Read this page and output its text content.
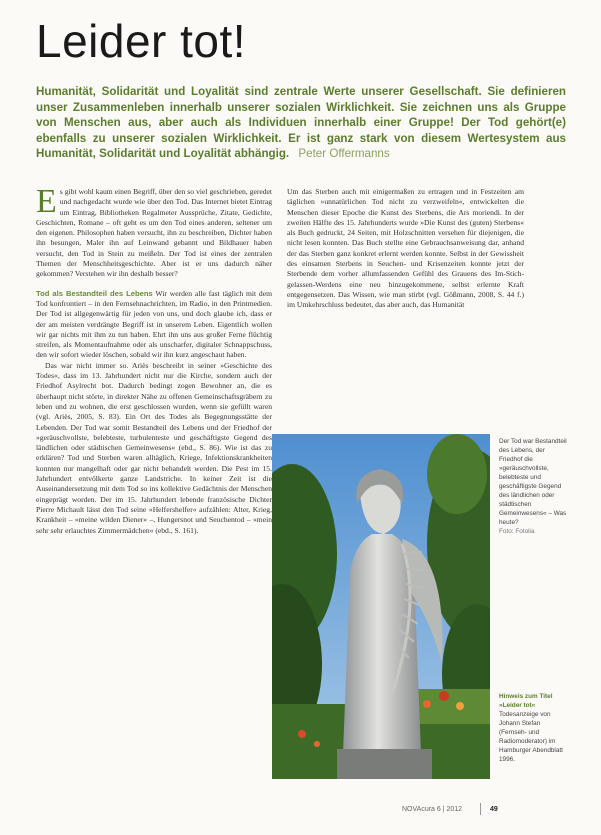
Leider tot!
Humanität, Solidarität und Loyalität sind zentrale Werte unserer Gesellschaft. Sie definieren unser Zusammenleben innerhalb unserer sozialen Wirklichkeit. Sie zeichnen uns als Gruppe von Menschen aus, aber auch als Individuen innerhalb einer Gruppe! Der Tod gehört(e) ebenfalls zu unserer sozialen Wirklichkeit. Er ist ganz stark von diesem Wertesystem aus Humanität, Solidarität und Loyalität abhängig. Peter Offermanns

E s gibt wohl kaum einen Begriff, über den so viel geschrieben, geredet und nachgedacht wurde wie über den Tod. Das Internet bietet Eintrag um Eintrag, Bibliotheken Regalmeter Aussprüche, Zitate, Gedichte, Geschichten, Romane – oft geht es um den Tod eines anderen, seltener um den eigenen. Philosophen haben versucht, ihn zu beschreiben, Dichter haben ihn besungen, Maler ihn auf Leinwand gebannt und Bildhauer haben versucht, den Tod in Stein zu meißeln. Der Tod ist eines der zentralen Themen der Menschheitsgeschichte. Aber ist er uns dadurch näher gekommen? Verstehen wir ihn deshalb besser?

Tod als Bestandteil des Lebens Wir werden alle fast täglich mit dem Tod konfrontiert – in den Fernsehnachrichten, im Radio, in den Printmedien. Der Tod ist allgegenwärtig für jeden von uns, und doch glaube ich, dass er der am meisten verdrängte Begriff ist in unserem Leben. Eigentlich wollen wir gar nichts mit ihm zu tun haben. Ehrt ihn uns aus großer Ferne flüchtig streifen, als Momentaufnahme oder als unscharfer, digitaler Schnappschuss, den wir sofort wieder löschen, sobald wir ihn kurz angeschaut haben.

Das war nicht immer so. Ariès beschreibt in seiner »Geschichte des Todes«, dass im 13. Jahrhundert nicht nur die Kirche, sondern auch der Friedhof Asylrecht bot. Dadurch bedingt zogen Bewohner an, die es überhaupt nicht störte, in direkter Nähe zu offenen Gemeinschaftsgräbern zu leben und zu wohnen, die erst geschlossen wurden, wenn sie gefüllt waren (vgl. Ariès, 2005, S. 83). Ein Ort des Todes als Begegnungsstätte der Lebenden. Der Tod war somit Bestandteil des Lebens und der Friedhof der »geräuschvollste, belebteste, turbulenteste und geschäftigste Gegend des ländlichen oder städtischen Gemeinwesens« (ebd., S. 86). Wie ist das zu erklären? Tod und Sterben waren alltäglich, Kriege, Infektionskrankheiten konnten nur mangelhaft oder gar nicht behandelt werden. Die Pest im 15. Jahrhundert entvölkerte ganze Landstriche. In keiner Zeit ist die Auseinandersetzung mit dem Tod so ins kollektive Gedächtnis der Menschen eingeprägt worden. Der im 15. Jahrhundert lebende französische Dichter Pierre Michault lässt den Tod seine »Helfershelfer« aufzählen: Alter, Krieg, Krankheit – »meine wilden Diener« –, Hungersnot und Seuchentod – »mein sehr sehr erlauchtes Zimmermädchen« (ebd., S. 161).

Um das Sterben auch mit einigermaßen zu ertragen und in Festzeiten am täglichen »unnatürlichen Tod nicht zu verzweifeln«, entwickelten die Menschen dieser Epoche die Kunst des Sterbens, die Ars moriendi. In der zweiten Hälfte des 15. Jahrhunderts wurde »Die Kunst des (guten) Sterbens« als Buch gedruckt, 24 Seiten, mit Holzschnitten versehen für diejenigen, die nicht lesen konnten. Das Buch stellte eine Gebrauchsanweisung dar, anhand der das Sterben ganz konkret erlernt werden konnte. Selbst in der Gewissheit des einsamen Sterbens in Seuchen- und Krisenzeiten konnte jetzt der Sterbende dem vorher allumfassenden Gefühl des Grauens des Im-Stich-gelassen-Werdens eine neu hinzugekommene, selbst erlernte Kraft entgegensetzen. Das Wissen, wie man stirbt (vgl. Gößmann, 2008, S. 44 f.) im Umkehrschluss bedeutet, das aber auch, das Humanität

Der Tod war Bestandteil des Lebens, der Friedhof die »geräuschvollste, belebteste und geschäftigste Gegend des ländlichen oder städtischen Gemeinwesens« – Was heute?
Foto: Fotolia
Hinweis zum Titel »Leider tot«
Todesanzeige von Johann Stefan (Fernseh- und Radiomoderator) im Hamburger Abendblatt 1996.
NOVAcura 6 | 2012	49
